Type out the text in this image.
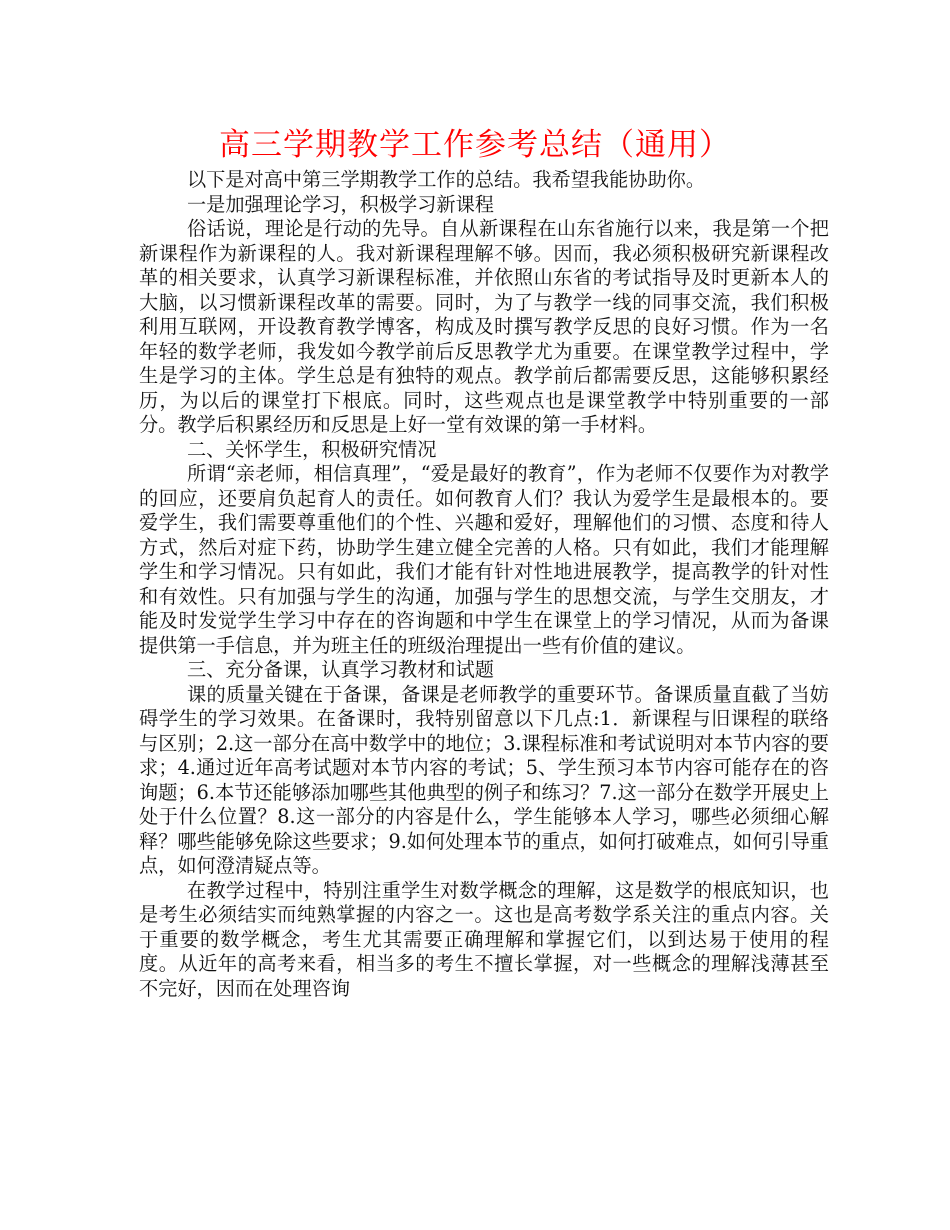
高三学期教学工作参考总结（通用）

以下是对高中第三学期教学工作的总结。我希望我能协助你。

一是加强理论学习，积极学习新课程

俗话说，理论是行动的先导。自从新课程在山东省施行以来，我是第一个把新课程作为新课程的人。我对新课程理解不够。因而，我必须积极研究新课程改革的相关要求，认真学习新课程标准，并依照山东省的考试指导及时更新本人的大脑，以习惯新课程改革的需要。同时，为了与教学一线的同事交流，我们积极利用互联网，开设教育教学博客，构成及时撰写教学反思的良好习惯。作为一名年轻的数学老师，我发如今教学前后反思教学尤为重要。在课堂教学过程中，学生是学习的主体。学生总是有独特的观点。教学前后都需要反思，这能够积累经历，为以后的课堂打下根底。同时，这些观点也是课堂教学中特别重要的一部分。教学后积累经历和反思是上好一堂有效课的第一手材料。

二、关怀学生，积极研究情况

所谓“亲老师，相信真理”，“爱是最好的教育”，作为老师不仅要作为对教学的回应，还要肩负起育人的责任。如何教育人们？我认为爱学生是最根本的。要爱学生，我们需要尊重他们的个性、兴趣和爱好，理解他们的习惯、态度和待人方式，然后对症下药，协助学生建立健全完善的人格。只有如此，我们才能理解学生和学习情况。只有如此，我们才能有针对性地进展教学，提高教学的针对性和有效性。只有加强与学生的沟通，加强与学生的思想交流，与学生交朋友，才能及时发觉学生学习中存在的咨询题和中学生在课堂上的学习情况，从而为备课提供第一手信息，并为班主任的班级治理提出一些有价值的建议。

三、充分备课，认真学习教材和试题

课的质量关键在于备课，备课是老师教学的重要环节。备课质量直截了当妨碍学生的学习效果。在备课时，我特别留意以下几点:1．新课程与旧课程的联络与区别；2.这一部分在高中数学中的地位；3.课程标准和考试说明对本节内容的要求；4.通过近年高考试题对本节内容的考试；5、学生预习本节内容可能存在的咨询题；6.本节还能够添加哪些其他典型的例子和练习？7.这一部分在数学开展史上处于什么位置？8.这一部分的内容是什么，学生能够本人学习，哪些必须细心解释？哪些能够免除这些要求；9.如何处理本节的重点，如何打破难点，如何引导重点，如何澄清疑点等。

在教学过程中，特别注重学生对数学概念的理解，这是数学的根底知识，也是考生必须结实而纯熟掌握的内容之一。这也是高考数学系关注的重点内容。关于重要的数学概念，考生尤其需要正确理解和掌握它们，以到达易于使用的程度。从近年的高考来看，相当多的考生不擅长掌握，对一些概念的理解浅薄甚至不完好，因而在处理咨询
